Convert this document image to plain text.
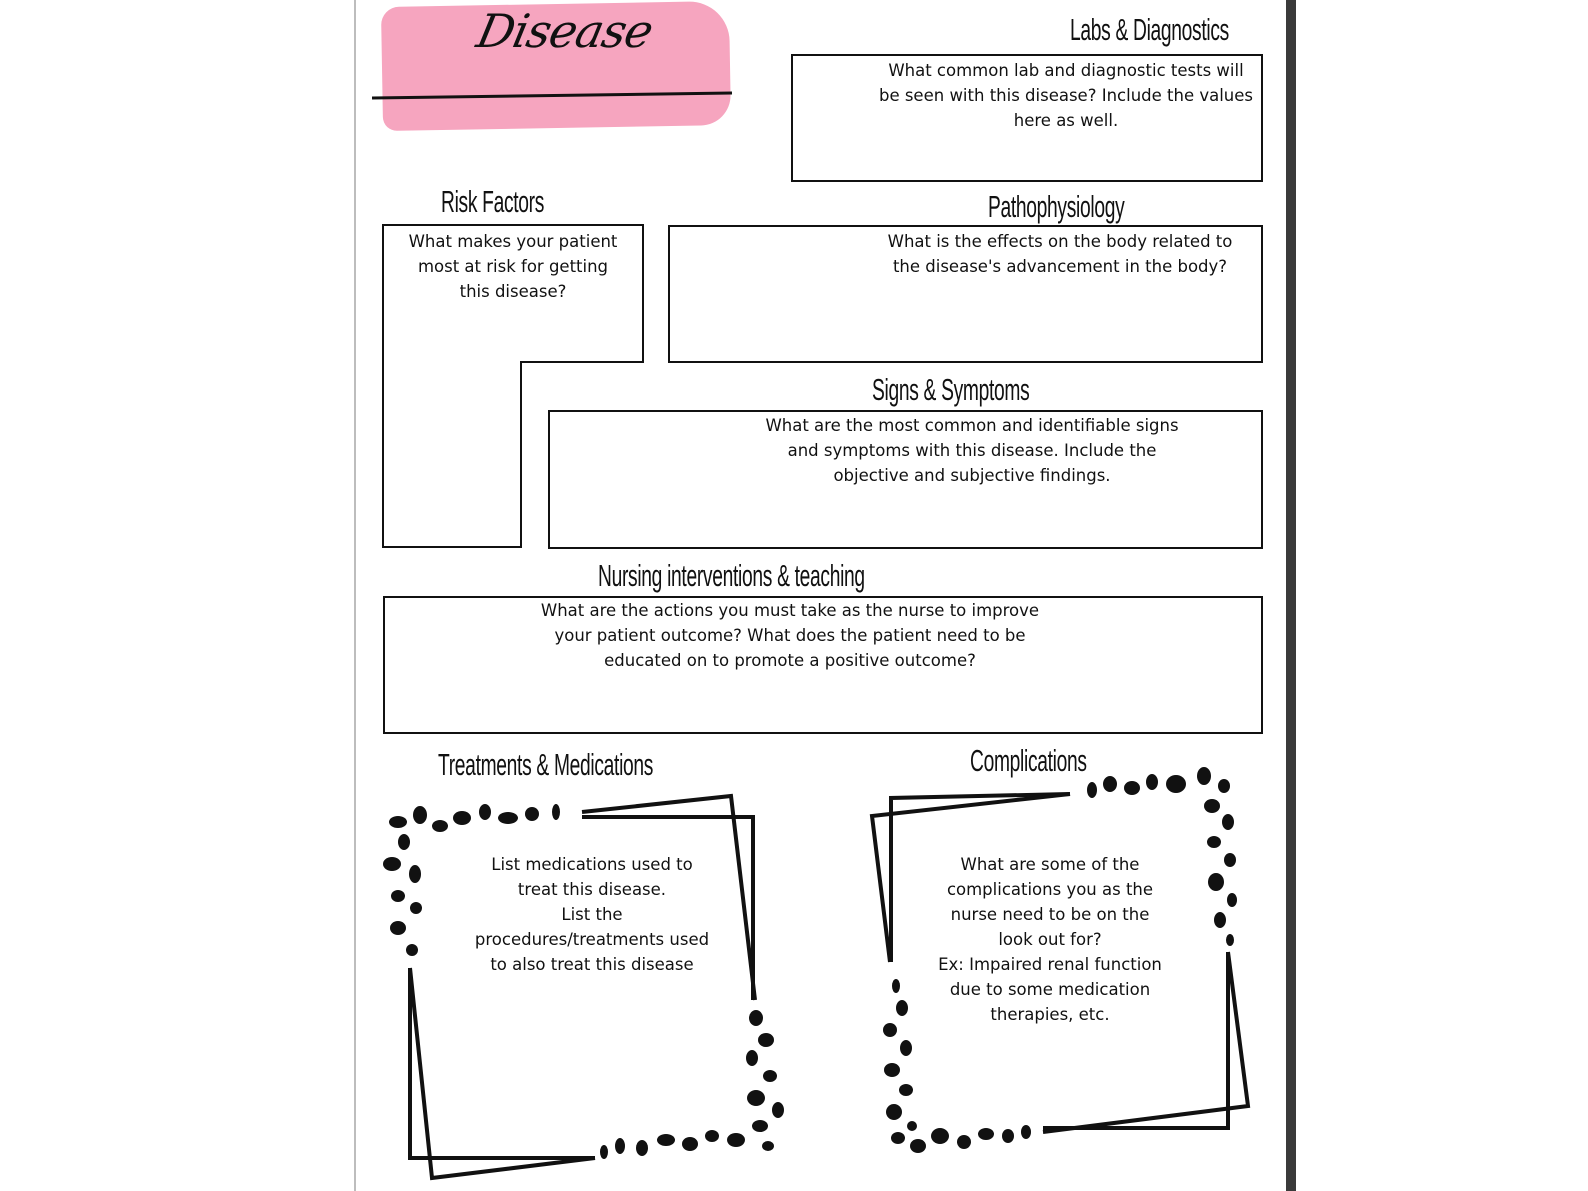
Disease	Labs & Diagnostics
What common lab and diagnostic tests will
be seen with this disease? Include the values
here as well.
Risk Factors
What makes your patient
most at risk for getting
this disease?
Pathophysiology
What is the effects on the body related to
the disease's advancement in the body?
Signs & Symptoms
What are the most common and identifiable signs
and symptoms with this disease. Include the
objective and subjective findings.
Nursing interventions & teaching
What are the actions you must take as the nurse to improve
your patient outcome? What does the patient need to be
educated on to promote a positive outcome?
Treatments & Medications
List medications used to
treat this disease.
List the
procedures/treatments used
to also treat this disease
Complications
What are some of the
complications you as the
nurse need to be on the
look out for?
Ex: Impaired renal function
due to some medication
therapies, etc.
